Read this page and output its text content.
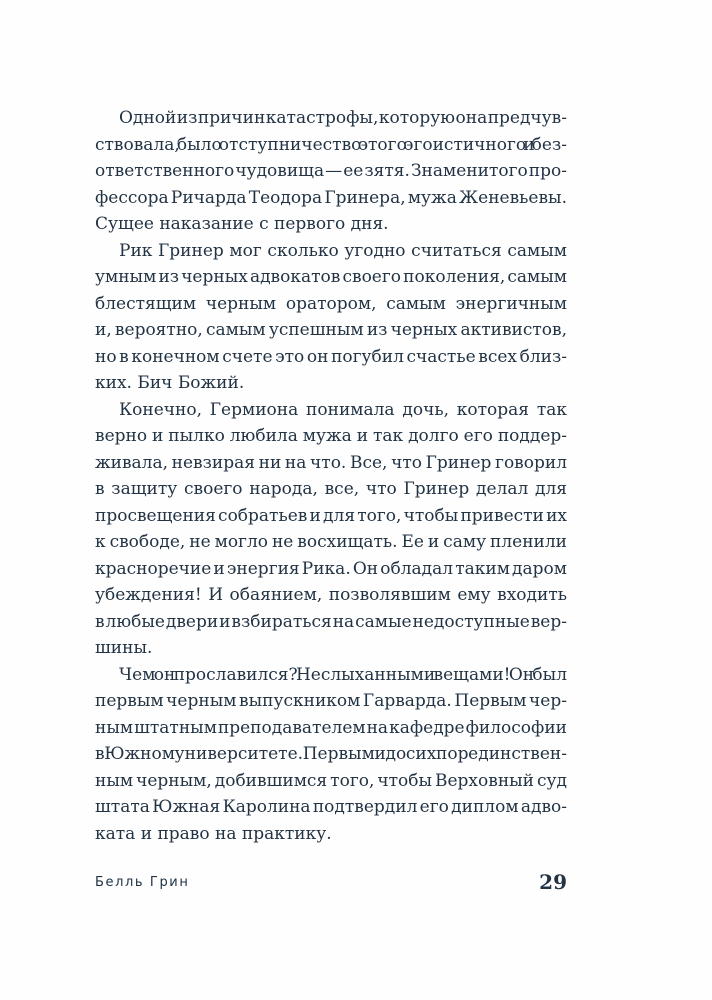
Одной из причин катастрофы, которую она предчув-
ствовала, было отступничество этого эгоистичного и без-
ответственного чудовища — ее зятя. Знаменитого про-
фессора Ричарда Теодора Гринера, мужа Женевьевы.
Сущее наказание с первого дня.
Рик Гринер мог сколько угодно считаться самым
умным из черных адвокатов своего поколения, самым
блестящим черным оратором, самым энергичным
и, вероятно, самым успешным из черных активистов,
но в конечном счете это он погубил счастье всех близ-
ких. Бич Божий.
Конечно, Гермиона понимала дочь, которая так
верно и пылко любила мужа и так долго его поддер-
живала, невзирая ни на что. Все, что Гринер говорил
в защиту своего народа, все, что Гринер делал для
просвещения собратьев и для того, чтобы привести их
к свободе, не могло не восхищать. Ее и саму пленили
красноречие и энергия Рика. Он обладал таким даром
убеждения! И обаянием, позволявшим ему входить
в любые двери и взбираться на самые недоступные вер-
шины.
Чем он прославился? Неслыханными вещами! Он был
первым черным выпускником Гарварда. Первым чер-
ным штатным преподавателем на кафедре философии
в Южном университете. Первым и до сих пор единствен-
ным черным, добившимся того, чтобы Верховный суд
штата Южная Каролина подтвердил его диплом адво-
ката и право на практику.
Белль Грин	29
